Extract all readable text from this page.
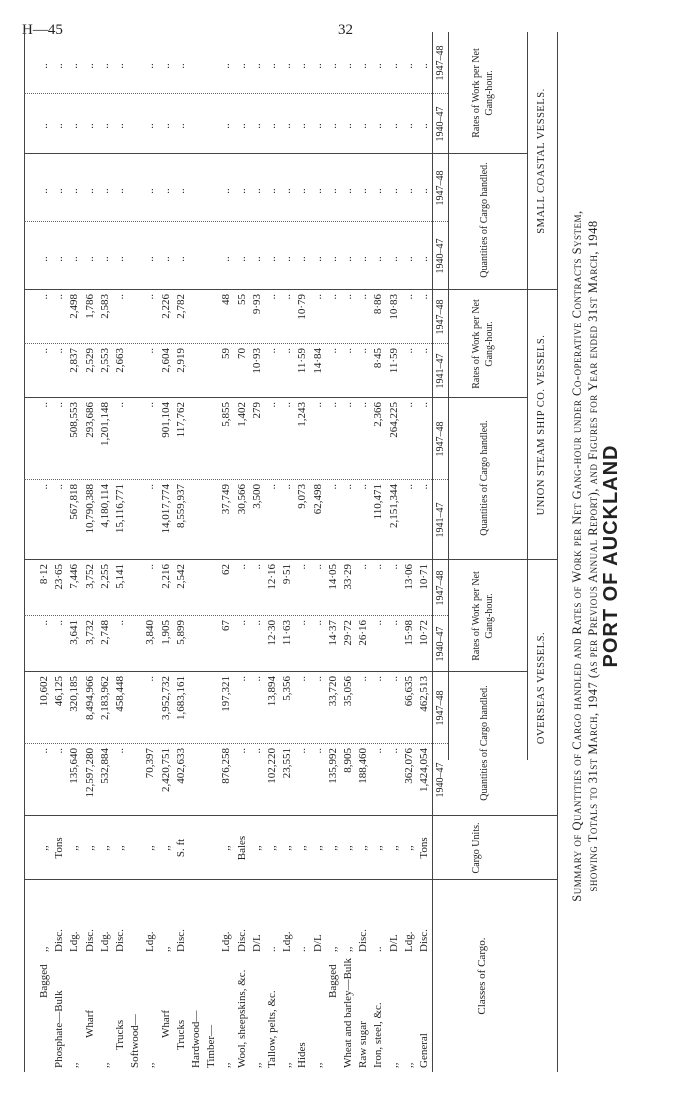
H—45	32
PORT OF AUCKLAND
Summary of Quantities of Cargo handled and Rates of Work per Net Gang-hour under Co-operative Contracts System, showing Totals to 31st March, 1947 (as per Previous Annual Report), and Figures for Year ended 31st March, 1948
Classes of Cargo.
Cargo Units.
OVERSEAS VESSELS.
UNION STEAM SHIP CO. VESSELS.
SMALL COASTAL VESSELS.
Quantities of Cargo handled.
Rates of Work per Net Gang-hour.
Quantities of Cargo handled.
Rates of Work per Net Gang-hour.
Quantities of Cargo handled.
Rates of Work per Net Gang-hour.
1940–47
1947–48
1940–47
1947–48
1941–47
1947–48
1941–47
1947–48
1940–47
1947–48
1940–47
1947–48
General
Disc.
Tons
1,424,054
462,513
10·72
10·71
..
..
..
..
..
..
..
..
,,
Ldg.
,,
362,076
66,635
15·98
13·06
..
..
..
..
..
..
..
..
,,
D/L
,,
..
..
..
..
2,151,344
264,225
11·59
10·83
..
..
..
..
Iron, steel, &c.
..
,,
..
..
..
..
110,471
2,366
8·45
8·86
..
..
..
..
Raw sugar
Disc.
,,
188,460
..
26·16
..
..
..
..
..
..
..
..
..
Wheat and barley—Bulk
,,
,,
8,905
35,056
29·72
33·29
..
..
..
..
..
..
..
..
Bagged
,,
,,
135,992
33,720
14·37
14·05
..
..
..
..
..
..
..
..
,,
D/L
,,
..
..
..
..
62,498
..
14·84
..
..
..
..
..
Hides
..
,,
..
..
..
..
9,073
1,243
11·59
10·79
..
..
..
..
,,
Ldg.
,,
23,551
5,356
11·63
9·51
..
..
..
..
..
..
..
..
Tallow, pelts, &c.
..
,,
102,220
13,894
12·30
12·16
..
..
..
..
..
..
..
..
,,
D/L
,,
..
..
..
..
3,500
279
10·93
9·93
..
..
..
..
Wool, sheepskins, &c.
Disc.
Bales
..
..
..
..
30,566
1,402
70
55
..
..
..
..
,,
Ldg.
,,
876,258
197,321
67
62
37,749
5,855
59
48
..
..
..
..
Timber—
Hardwood—
Trucks
Disc.
S. ft
402,633
1,683,161
5,899
2,542
8,559,937
117,762
2,919
2,782
..
..
..
..
Wharf
,,
,,
2,420,751
3,952,732
1,905
2,216
14,017,774
901,104
2,604
2,226
..
..
..
..
,,
Ldg.
,,
70,397
..
3,840
..
..
..
..
..
..
..
..
..
Softwood—
Trucks
Disc.
,,
..
458,448
..
5,141
15,116,771
..
2,663
..
..
..
..
..
,,
Ldg.
,,
532,884
2,183,962
2,748
2,255
4,180,114
1,201,148
2,553
2,583
..
..
..
..
Wharf
Disc.
,,
12,597,280
8,494,966
3,732
3,752
10,790,388
293,686
2,529
1,786
..
..
..
..
,,
Ldg.
,,
135,640
320,185
3,641
7,446
567,818
508,553
2,837
2,498
..
..
..
..
Phosphate—Bulk
Disc.
Tons
..
46,125
..
23·65
..
..
..
..
..
..
..
..
Bagged
,,
,,
..
10,602
..
8·12
..
..
..
..
..
..
..
..
